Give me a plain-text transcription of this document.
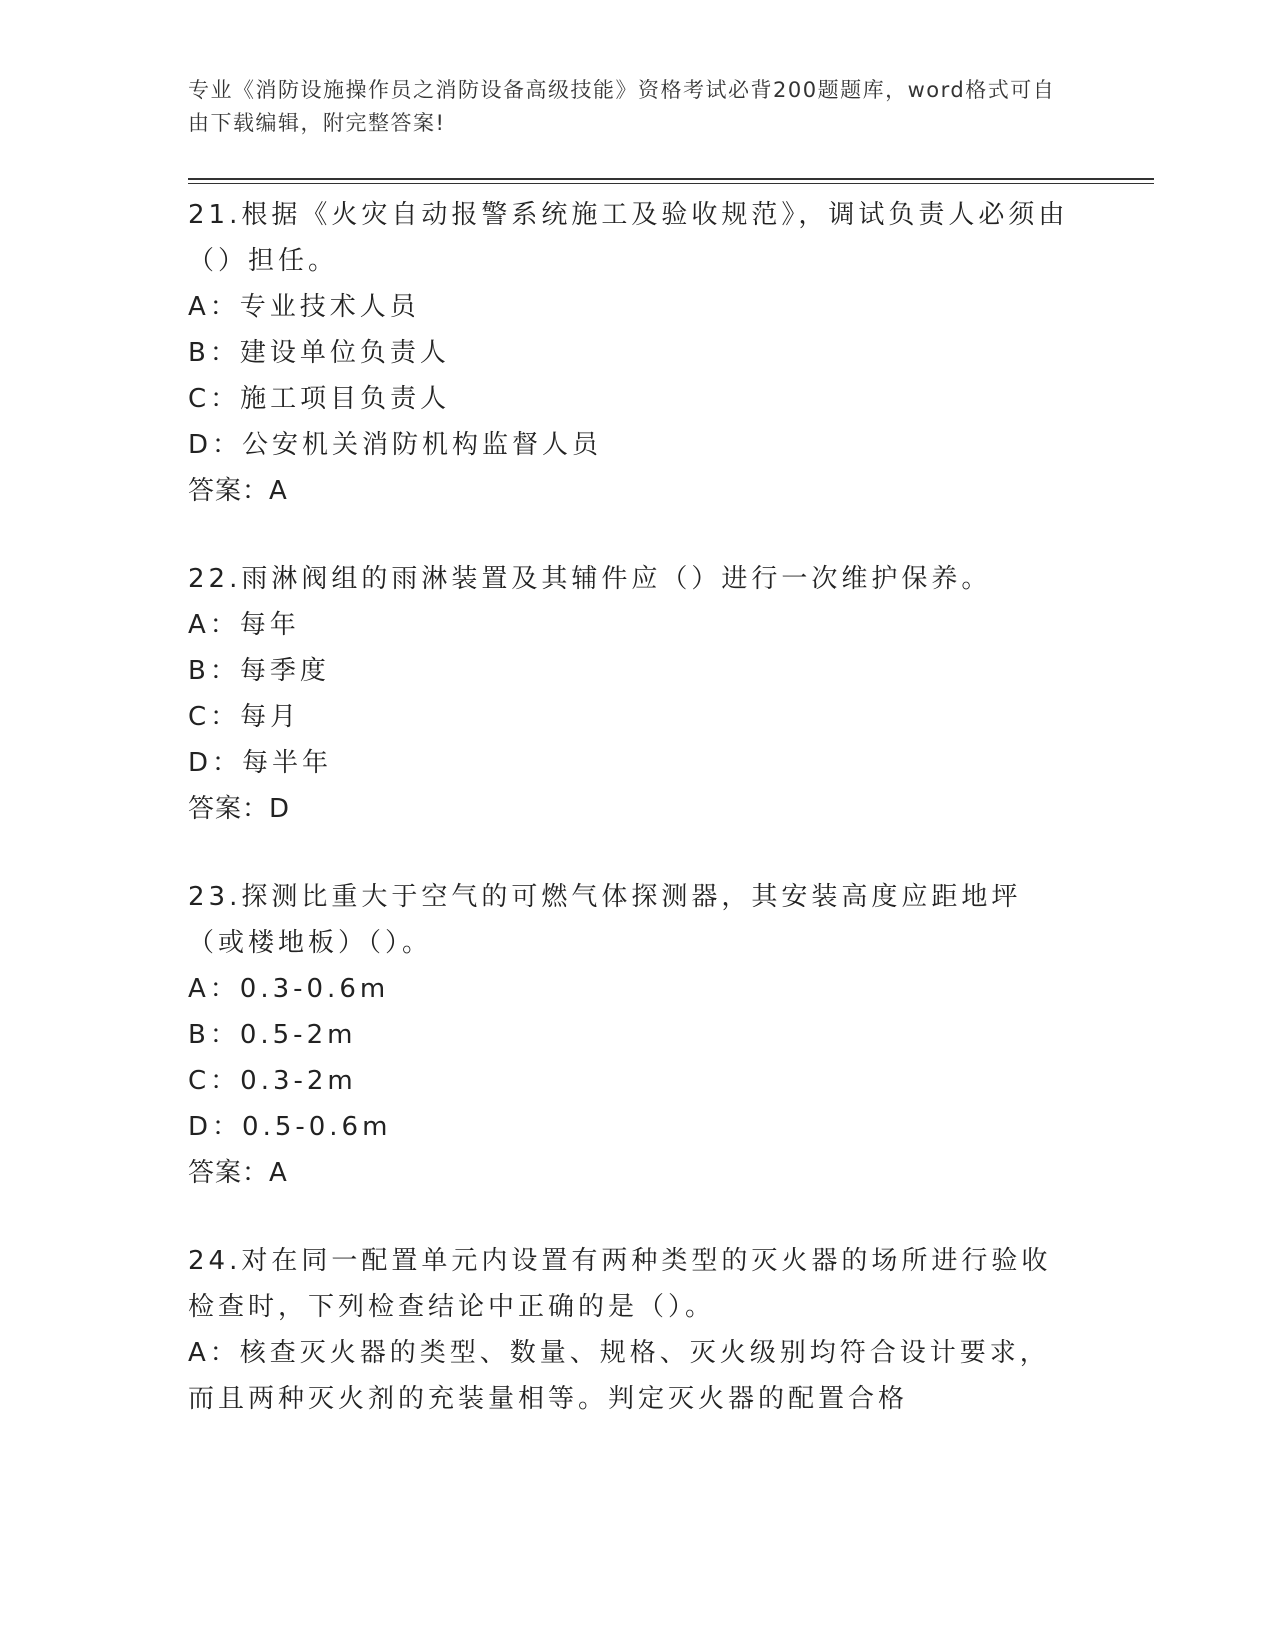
专业《消防设施操作员之消防设备高级技能》资格考试必背200题题库，word格式可自由下载编辑，附完整答案!

21.根据《火灾自动报警系统施工及验收规范》，调试负责人必须由（）担任。

A：专业技术人员

B：建设单位负责人

C：施工项目负责人

D：公安机关消防机构监督人员

答案：A

22.雨淋阀组的雨淋装置及其辅件应（）进行一次维护保养。

A：每年

B：每季度

C：每月

D：每半年

答案：D

23.探测比重大于空气的可燃气体探测器，其安装高度应距地坪（或楼地板）（）。

A：0.3-0.6m

B：0.5-2m

C：0.3-2m

D：0.5-0.6m

答案：A

24.对在同一配置单元内设置有两种类型的灭火器的场所进行验收检查时，下列检查结论中正确的是（）。

A：核查灭火器的类型、数量、规格、灭火级别均符合设计要求，而且两种灭火剂的充装量相等。判定灭火器的配置合格
